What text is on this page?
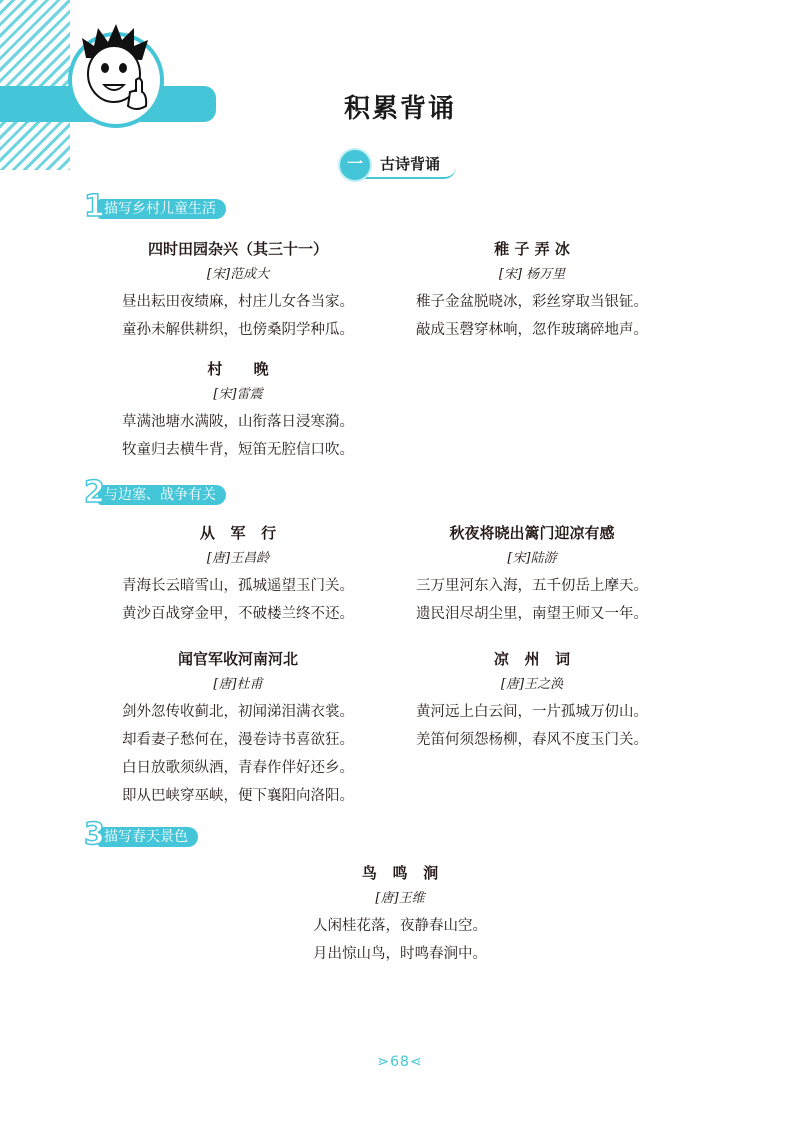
积累背诵
古诗背诵
一
描写乡村儿童生活
1
四时田园杂兴（其三十一）
[宋]范成大
昼出耘田夜绩麻，村庄儿女各当家。
童孙未解供耕织，也傍桑阴学种瓜。
稚 子 弄 冰
[宋] 杨万里
稚子金盆脱晓冰，彩丝穿取当银钲。
敲成玉磬穿林响，忽作玻璃碎地声。
村      晚
[宋]雷震
草满池塘水满陂，山衔落日浸寒漪。
牧童归去横牛背，短笛无腔信口吹。
与边塞、战争有关
2
从   军   行
[唐]王昌龄
青海长云暗雪山，孤城遥望玉门关。
黄沙百战穿金甲，不破楼兰终不还。
秋夜将晓出篱门迎凉有感
[宋]陆游
三万里河东入海，五千仞岳上摩天。
遗民泪尽胡尘里，南望王师又一年。
闻官军收河南河北
[唐]杜甫
剑外忽传收蓟北，初闻涕泪满衣裳。
却看妻子愁何在，漫卷诗书喜欲狂。
白日放歌须纵酒，青春作伴好还乡。
即从巴峡穿巫峡，便下襄阳向洛阳。
凉   州   词
[唐]王之涣
黄河远上白云间，一片孤城万仞山。
羌笛何须怨杨柳，春风不度玉门关。
描写春天景色
3
鸟   鸣   涧
[唐]王维
人闲桂花落，夜静春山空。
月出惊山鸟，时鸣春涧中。
⋗68⋖
